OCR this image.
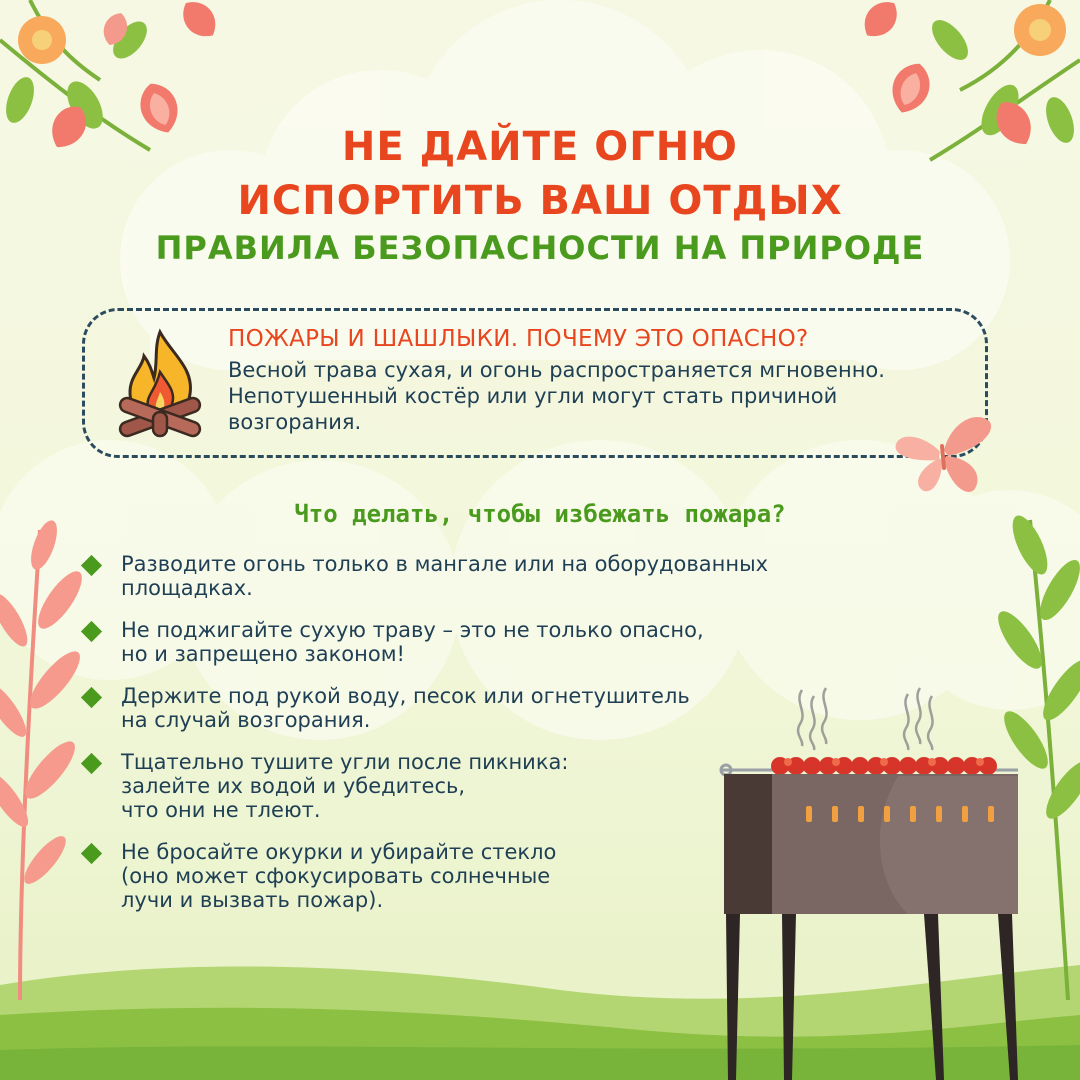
НЕ ДАЙТЕ ОГНЮ
ИСПОРТИТЬ ВАШ ОТДЫХ
ПРАВИЛА БЕЗОПАСНОСТИ НА ПРИРОДЕ
ПОЖАРЫ И ШАШЛЫКИ. ПОЧЕМУ ЭТО ОПАСНО?

Весной трава сухая, и огонь распространяется мгновенно. Непотушенный костёр или угли могут стать причиной возгорания.

Что делать, чтобы избежать пожара?
Разводите огонь только в мангале или на оборудованных
площадках.
Не поджигайте сухую траву – это не только опасно,
но и запрещено законом!
Держите под рукой воду, песок или огнетушитель
на случай возгорания.
Тщательно тушите угли после пикника:
залейте их водой и убедитесь,
что они не тлеют.
Не бросайте окурки и убирайте стекло
(оно может сфокусировать солнечные
лучи и вызвать пожар).
